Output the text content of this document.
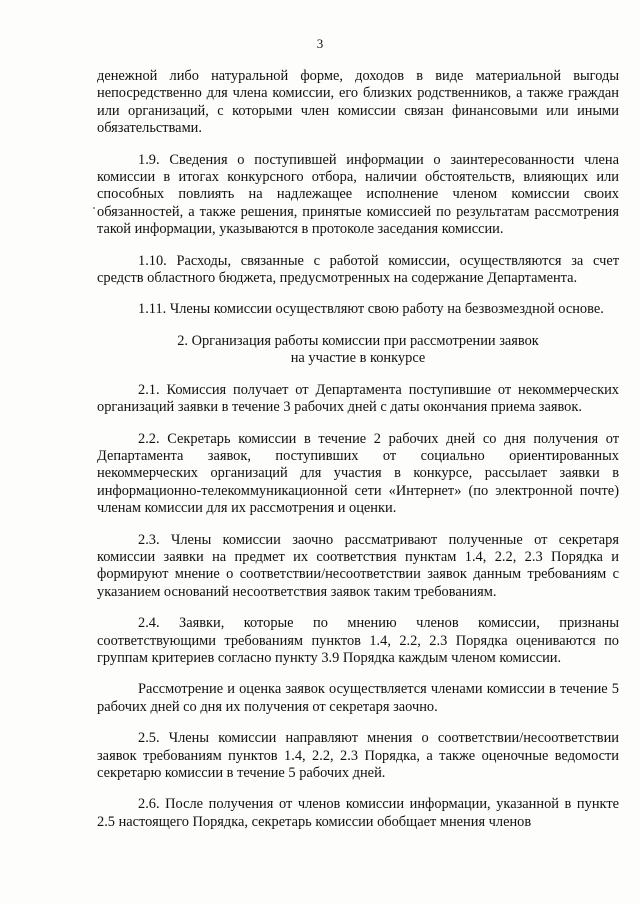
3

денежной либо натуральной форме, доходов в виде материальной выгоды непосредственно для члена комиссии, его близких родственников, а также граждан или организаций, с которыми член комиссии связан финансовыми или иными обязательствами.

1.9. Сведения о поступившей информации о заинтересованности члена комиссии в итогах конкурсного отбора, наличии обстоятельств, влияющих или способных повлиять на надлежащее исполнение членом комиссии своих обязанностей, а также решения, принятые комиссией по результатам рассмотрения такой информации, указываются в протоколе заседания комиссии.

1.10. Расходы, связанные с работой комиссии, осуществляются за счет средств областного бюджета, предусмотренных на содержание Департамента.

1.11. Члены комиссии осуществляют свою работу на безвозмездной основе.

2. Организация работы комиссии при рассмотрении заявок
на участие в конкурсе

2.1. Комиссия получает от Департамента поступившие от некоммерческих организаций заявки в течение 3 рабочих дней с даты окончания приема заявок.

2.2. Секретарь комиссии в течение 2 рабочих дней со дня получения от Департамента заявок, поступивших от социально ориентированных некоммерческих организаций для участия в конкурсе, рассылает заявки в информационно-телекоммуникационной сети «Интернет» (по электронной почте) членам комиссии для их рассмотрения и оценки.

2.3. Члены комиссии заочно рассматривают полученные от секретаря комиссии заявки на предмет их соответствия пунктам 1.4, 2.2, 2.3 Порядка и формируют мнение о соответствии/несоответствии заявок данным требованиям с указанием оснований несоответствия заявок таким требованиям.

2.4. Заявки, которые по мнению членов комиссии, признаны соответствующими требованиям пунктов 1.4, 2.2, 2.3 Порядка оцениваются по группам критериев согласно пункту 3.9 Порядка каждым членом комиссии.

Рассмотрение и оценка заявок осуществляется членами комиссии в течение 5 рабочих дней со дня их получения от секретаря заочно.

2.5. Члены комиссии направляют мнения о соответствии/несоответствии заявок требованиям пунктов 1.4, 2.2, 2.3 Порядка, а также оценочные ведомости секретарю комиссии в течение 5 рабочих дней.

2.6. После получения от членов комиссии информации, указанной в пункте 2.5 настоящего Порядка, секретарь комиссии обобщает мнения членов
